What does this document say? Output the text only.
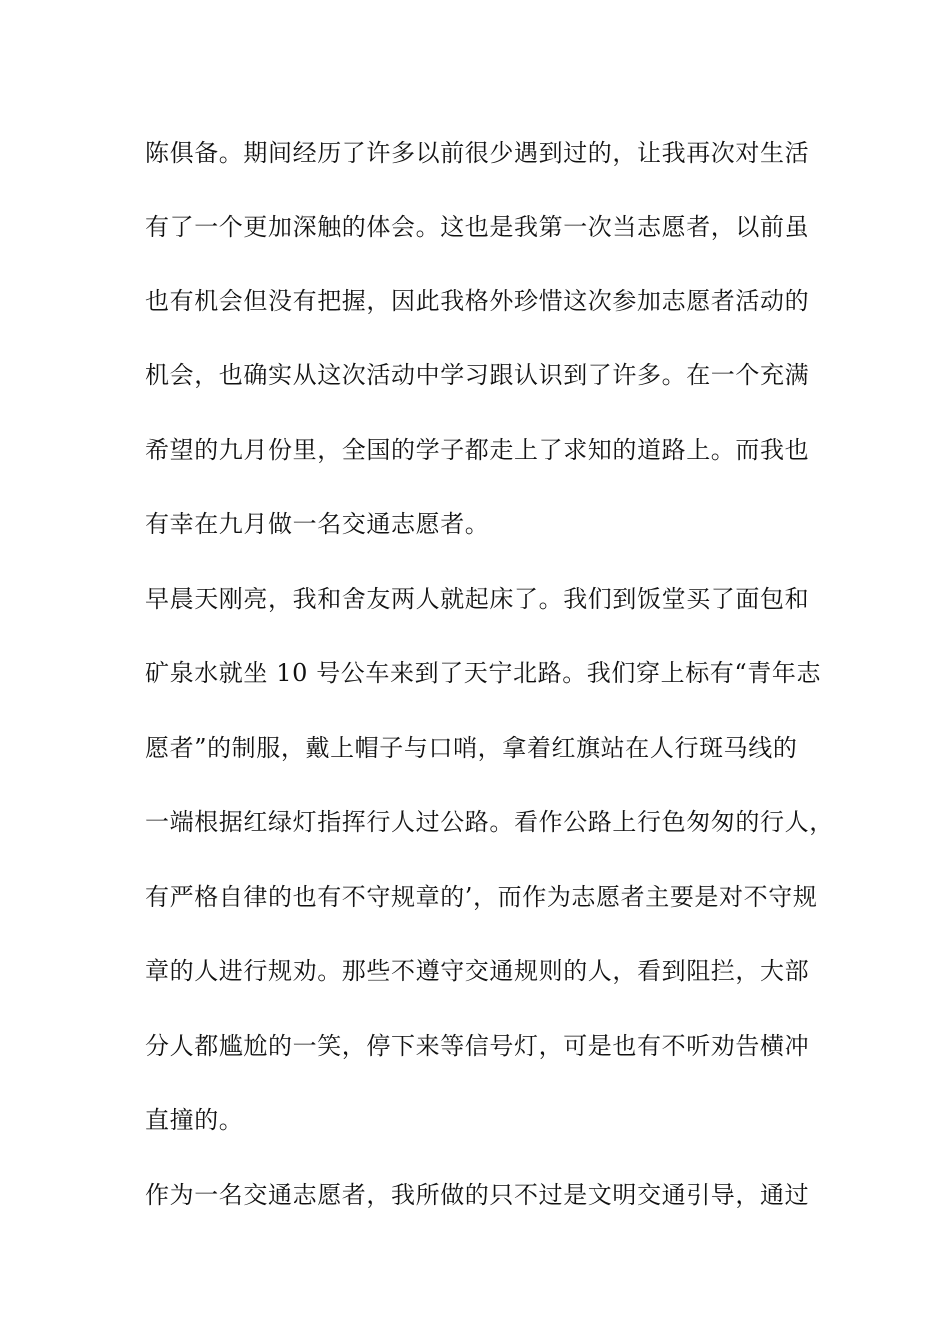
陈俱备。期间经历了许多以前很少遇到过的，让我再次对生活
有了一个更加深触的体会。这也是我第一次当志愿者，以前虽
也有机会但没有把握，因此我格外珍惜这次参加志愿者活动的
机会，也确实从这次活动中学习跟认识到了许多。在一个充满
希望的九月份里，全国的学子都走上了求知的道路上。而我也
有幸在九月做一名交通志愿者。
早晨天刚亮，我和舍友两人就起床了。我们到饭堂买了面包和
矿泉水就坐 10 号公车来到了天宁北路。我们穿上标有“青年志
愿者”的制服，戴上帽子与口哨，拿着红旗站在人行斑马线的
一端根据红绿灯指挥行人过公路。看作公路上行色匆匆的行人，
有严格自律的也有不守规章的’，而作为志愿者主要是对不守规
章的人进行规劝。那些不遵守交通规则的人，看到阻拦，大部
分人都尴尬的一笑，停下来等信号灯，可是也有不听劝告横冲
直撞的。
作为一名交通志愿者，我所做的只不过是文明交通引导，通过
